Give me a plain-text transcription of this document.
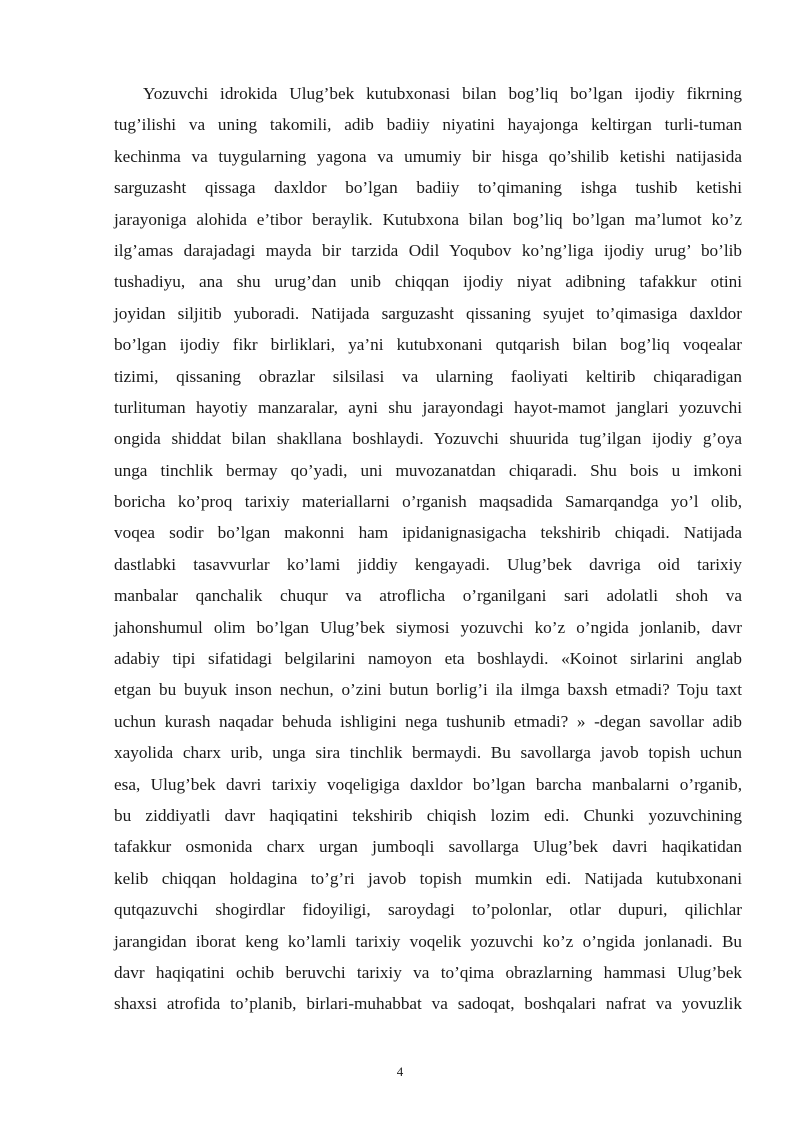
Yozuvchi idrokida Ulug’bek kutubxonasi bilan bog’liq bo’lgan ijodiy fikrning
tug’ilishi va uning takomili, adib badiiy niyatini hayajonga keltirgan turli-tuman
kechinma va tuygularning yagona va umumiy bir hisga qo’shilib ketishi natijasida
sarguzasht qissaga daxldor bo’lgan badiiy to’qimaning ishga tushib ketishi
jarayoniga alohida e’tibor beraylik. Kutubxona bilan bog’liq bo’lgan ma’lumot ko’z
ilg’amas darajadagi mayda bir tarzida Odil Yoqubov ko’ng’liga ijodiy urug’ bo’lib
tushadiyu, ana shu urug’dan unib chiqqan ijodiy niyat adibning tafakkur otini
joyidan siljitib yuboradi. Natijada sarguzasht qissaning syujet to’qimasiga daxldor
bo’lgan ijodiy fikr birliklari, ya’ni kutubxonani qutqarish bilan bog’liq voqealar
tizimi, qissaning obrazlar silsilasi va ularning faoliyati keltirib chiqaradigan
turlituman hayotiy manzaralar, ayni shu jarayondagi hayot-mamot janglari yozuvchi
ongida shiddat bilan shakllana boshlaydi. Yozuvchi shuurida tug’ilgan ijodiy g’oya
unga tinchlik bermay qo’yadi, uni muvozanatdan chiqaradi. Shu bois u imkoni
boricha ko’proq tarixiy materiallarni o’rganish maqsadida Samarqandga yo’l olib,
voqea sodir bo’lgan makonni ham ipidanignasigacha tekshirib chiqadi. Natijada
dastlabki tasavvurlar ko’lami jiddiy kengayadi. Ulug’bek davriga oid tarixiy
manbalar qanchalik chuqur va atroflicha o’rganilgani sari adolatli shoh va
jahonshumul olim bo’lgan Ulug’bek siymosi yozuvchi ko’z o’ngida jonlanib, davr
adabiy tipi sifatidagi belgilarini namoyon eta boshlaydi. «Koinot sirlarini anglab
etgan bu buyuk inson nechun, o’zini butun borlig’i ila ilmga baxsh etmadi? Toju taxt
uchun kurash naqadar behuda ishligini nega tushunib etmadi? » -degan savollar adib
xayolida charx urib, unga sira tinchlik bermaydi. Bu savollarga javob topish uchun
esa, Ulug’bek davri tarixiy voqeligiga daxldor bo’lgan barcha manbalarni o’rganib,
bu ziddiyatli davr haqiqatini tekshirib chiqish lozim edi. Chunki yozuvchining
tafakkur osmonida charx urgan jumboqli savollarga Ulug’bek davri haqikatidan
kelib chiqqan holdagina to’g’ri javob topish mumkin edi. Natijada kutubxonani
qutqazuvchi shogirdlar fidoyiligi, saroydagi to’polonlar, otlar dupuri, qilichlar
jarangidan iborat keng ko’lamli tarixiy voqelik yozuvchi ko’z o’ngida jonlanadi. Bu
davr haqiqatini ochib beruvchi tarixiy va to’qima obrazlarning hammasi Ulug’bek
shaxsi atrofida to’planib, birlari-muhabbat va sadoqat, boshqalari nafrat va yovuzlik
4
